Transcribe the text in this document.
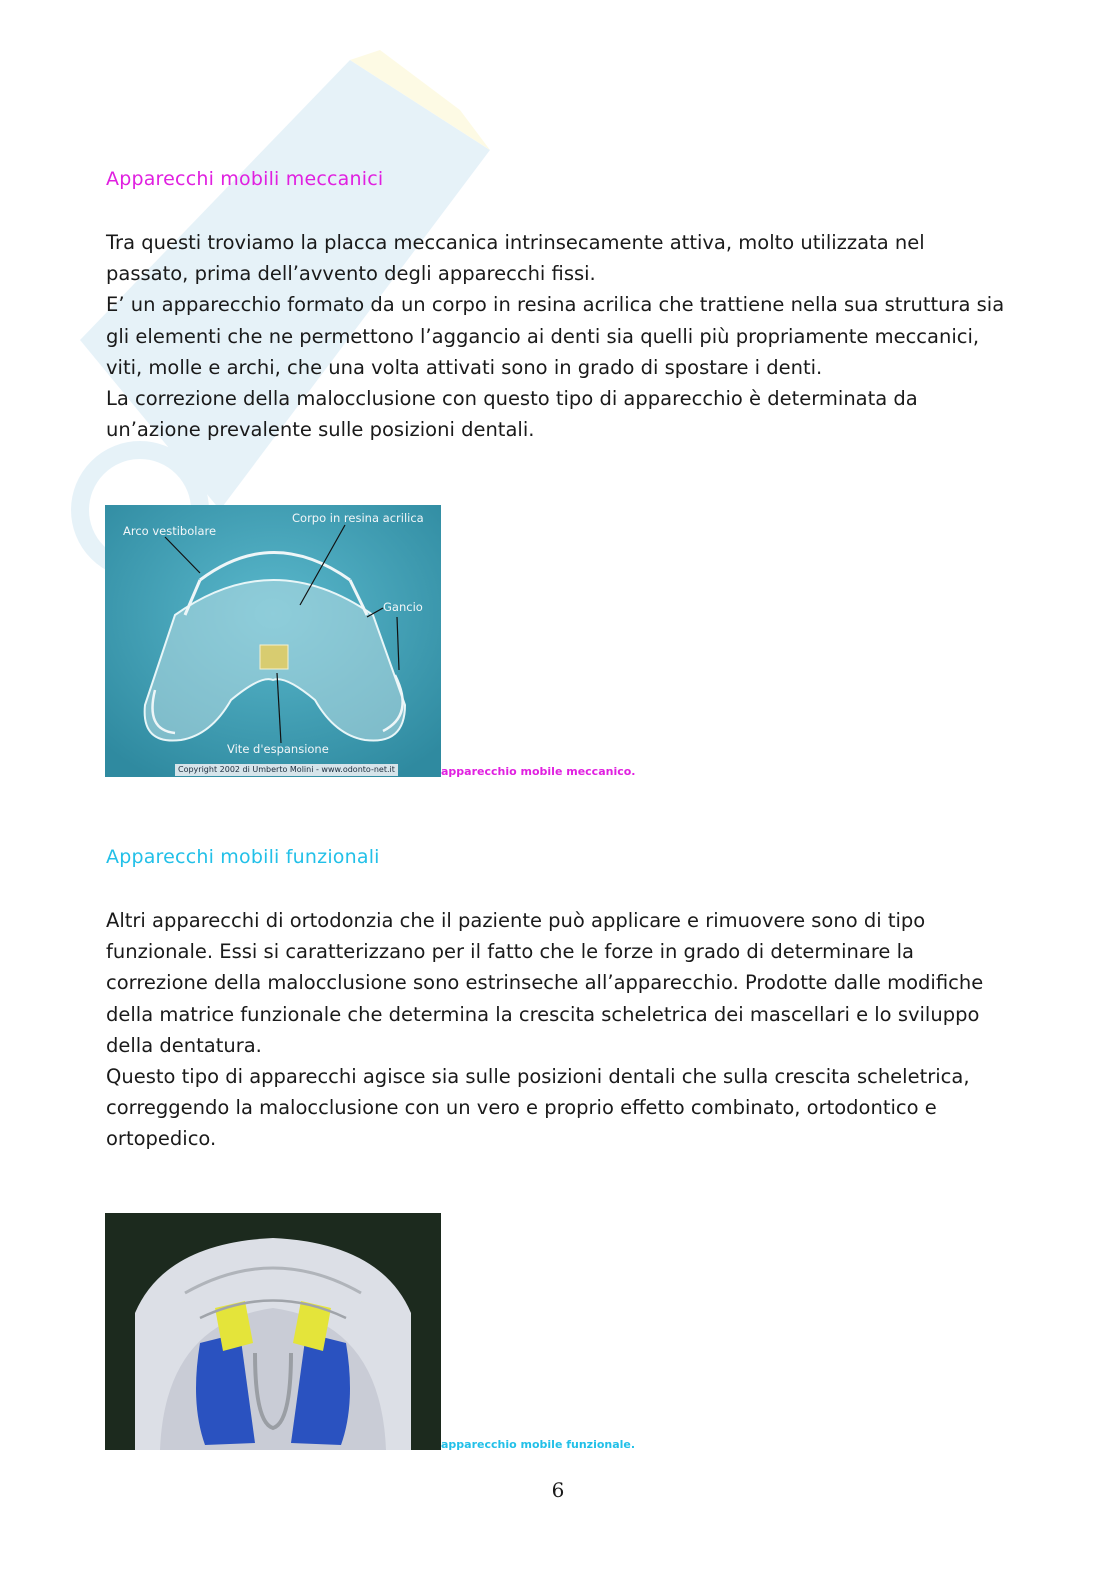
Apparecchi mobili meccanici

Tra questi troviamo la placca meccanica intrinsecamente attiva, molto utilizzata nel passato, prima dell’avvento degli apparecchi fissi.

E’ un apparecchio formato da un corpo in resina acrilica che trattiene nella sua struttura sia gli elementi che ne permettono l’aggancio ai denti sia quelli più propriamente meccanici, viti, molle e archi, che una volta attivati sono in grado di spostare i denti.

La correzione della malocclusione con questo tipo di apparecchio è determinata da un’azione prevalente sulle posizioni dentali.

Arco vestibolare
Corpo in resina acrilica
Gancio
Vite d'espansione
Copyright 2002 di Umberto Molini - www.odonto-net.it	apparecchio mobile meccanico.
Apparecchi mobili funzionali

Altri apparecchi di ortodonzia che il paziente può applicare e rimuovere sono di tipo funzionale. Essi si caratterizzano per il fatto che le forze in grado di determinare la correzione della malocclusione sono estrinseche all’apparecchio. Prodotte dalle modifiche della matrice funzionale che determina la crescita scheletrica dei mascellari e lo sviluppo della dentatura.

Questo tipo di apparecchi agisce sia sulle posizioni dentali che sulla crescita scheletrica, correggendo la malocclusione con un vero e proprio effetto combinato, ortodontico e ortopedico.

apparecchio mobile funzionale.
6
